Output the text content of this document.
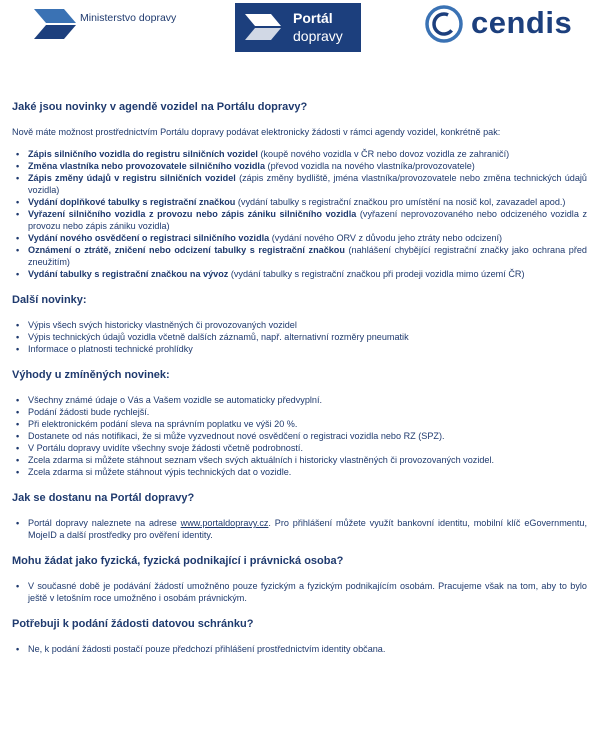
Ministerstvo dopravy	Portál
dopravy	cendis
Jaké jsou novinky v agendě vozidel na Portálu dopravy?

Nově máte možnost prostřednictvím Portálu dopravy podávat elektronicky žádosti v rámci agendy vozidel, konkrétně pak:

• Zápis silničního vozidla do registru silničních vozidel (koupě nového vozidla v ČR nebo dovoz vozidla ze zahraničí)
• Změna vlastníka nebo provozovatele silničního vozidla (převod vozidla na nového vlastníka/provozovatele)
• Zápis změny údajů v registru silničních vozidel (zápis změny bydliště, jména vlastníka/provozovatele nebo změna technických údajů vozidla)
• Vydání doplňkové tabulky s registrační značkou (vydání tabulky s registrační značkou pro umístění na nosič kol, zavazadel apod.)
• Vyřazení silničního vozidla z provozu nebo zápis zániku silničního vozidla (vyřazení neprovozovaného nebo odcizeného vozidla z provozu nebo zápis zániku vozidla)
• Vydání nového osvědčení o registraci silničního vozidla (vydání nového ORV z důvodu jeho ztráty nebo odcizení)
• Oznámení o ztrátě, zničení nebo odcizení tabulky s registrační značkou (nahlášení chybějící registrační značky jako ochrana před zneužitím)
• Vydání tabulky s registrační značkou na vývoz (vydání tabulky s registrační značkou při prodeji vozidla mimo území ČR)
Další novinky:
• Výpis všech svých historicky vlastněných či provozovaných vozidel
• Výpis technických údajů vozidla včetně dalších záznamů, např. alternativní rozměry pneumatik
• Informace o platnosti technické prohlídky
Výhody u zmíněných novinek:
• Všechny známé údaje o Vás a Vašem vozidle se automaticky předvyplní.
• Podání žádosti bude rychlejší.
• Při elektronickém podání sleva na správním poplatku ve výši 20 %.
• Dostanete od nás notifikaci, že si může vyzvednout nové osvědčení o registraci vozidla nebo RZ (SPZ).
• V Portálu dopravy uvidíte všechny svoje žádosti včetně podrobností.
• Zcela zdarma si můžete stáhnout seznam všech svých aktuálních i historicky vlastněných či provozovaných vozidel.
• Zcela zdarma si můžete stáhnout výpis technických dat o vozidle.
Jak se dostanu na Portál dopravy?
• Portál dopravy naleznete na adrese www.portaldopravy.cz. Pro přihlášení můžete využít bankovní identitu, mobilní klíč eGovernmentu, MojeID a další prostředky pro ověření identity.
Mohu žádat jako fyzická, fyzická podnikající i právnická osoba?
• V současné době je podávání žádostí umožněno pouze fyzickým a fyzickým podnikajícím osobám. Pracujeme však na tom, aby to bylo ještě v letošním roce umožněno i osobám právnickým.
Potřebuji k podání žádosti datovou schránku?
• Ne, k podání žádosti postačí pouze předchozí přihlášení prostřednictvím identity občana.
